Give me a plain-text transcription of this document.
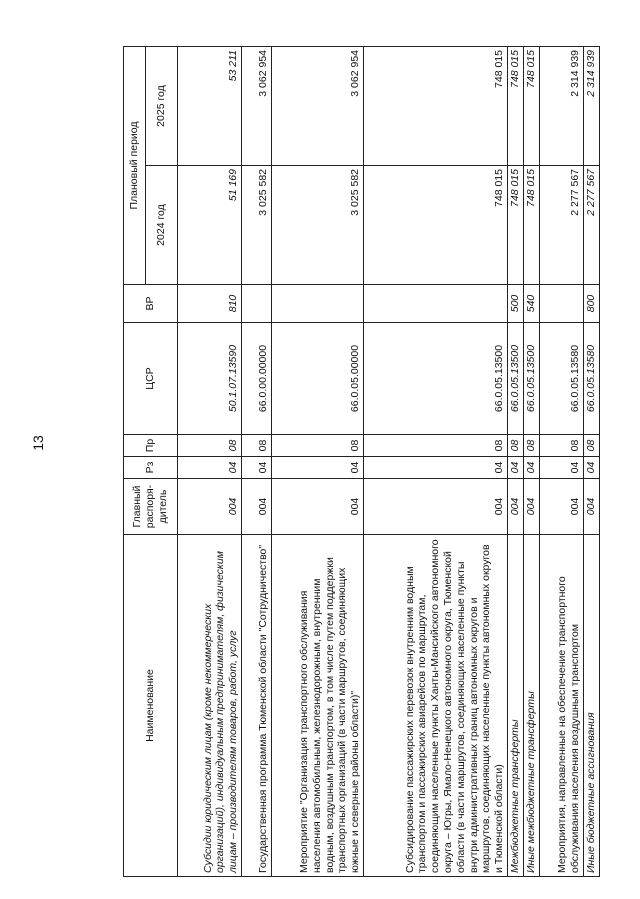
13
Наименование	Главный распоря-дитель	Рз	Пр	ЦСР	ВР	Плановый период	
						2024 год	2025 год
Субсидии юридическим лицам (кроме некоммерческих организаций), индивидуальным предпринимателям, физическим лицам – производителям товаров, работ, услуг	004	04	08	50.1.07.13590	810	51 169	53 211
Государственная программа Тюменской области "Сотрудничество"	004	04	08	66.0.00.00000		3 025 582	3 062 954
Мероприятие "Организация транспортного обслуживания населения автомобильным, железнодорожным, внутренним водным, воздушным транспортом, в том числе путем поддержки транспортных организаций (в части маршрутов, соединяющих южные и северные районы области)"	004	04	08	66.0.05.00000		3 025 582	3 062 954
Субсидирование пассажирских перевозок внутренним водным транспортом и пассажирских авиарейсов по маршрутам, соединяющим населенные пункты Ханты-Мансийского автономного округа – Югры, Ямало-Ненецкого автономного округа, Тюменской области (в части маршрутов, соединяющих населенные пункты внутри административных границ автономных округов и маршрутов, соединяющих населенные пункты автономных округов и Тюменской области)	004	04	08	66.0.05.13500		748 015	748 015
Межбюджетные трансферты	004	04	08	66.0.05.13500	500	748 015	748 015
Иные межбюджетные трансферты	004	04	08	66.0.05.13500	540	748 015	748 015
Мероприятия, направленные на обеспечение транспортного обслуживания населения воздушным транспортом	004	04	08	66.0.05.13580		2 277 567	2 314 939
Иные бюджетные ассигнования	004	04	08	66.0.05.13580	800	2 277 567	2 314 939
